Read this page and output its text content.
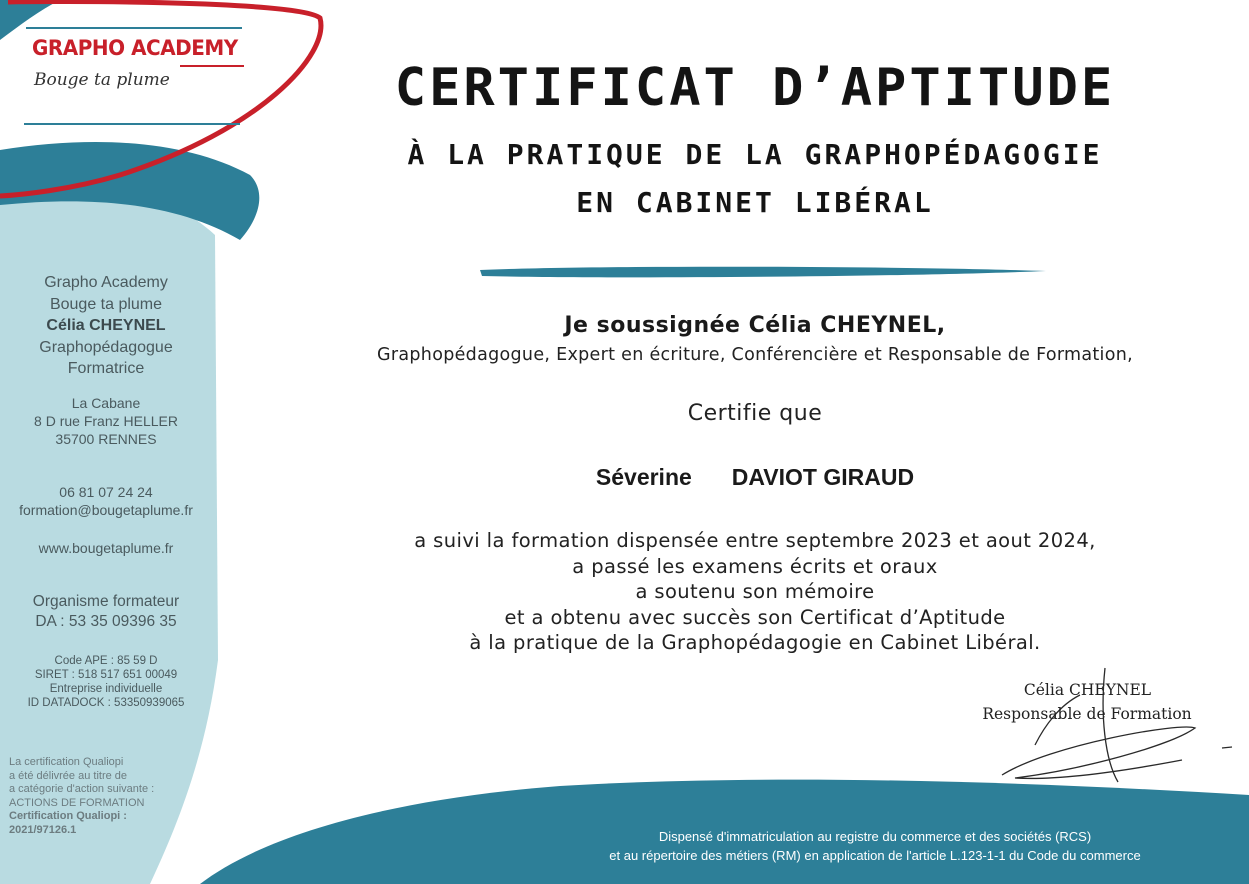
GRAPHO ACADEMY
Bouge ta plume
Grapho Academy
Bouge ta plume
Célia CHEYNEL
Graphopédagogue
Formatrice
La Cabane
8 D rue Franz HELLER
35700 RENNES
06 81 07 24 24
formation@bougetaplume.fr
www.bougetaplume.fr
Organisme formateur
DA : 53 35 09396 35
Code APE : 85 59 D
SIRET : 518 517 651 00049
Entreprise individuelle
ID DATADOCK : 53350939065
La certification Qualiopi
a été délivrée au titre de
a catégorie d'action suivante :
ACTIONS DE FORMATION
Certification Qualiopi :
2021/97126.1
CERTIFICAT D’APTITUDE
À LA PRATIQUE DE LA GRAPHOPÉDAGOGIE
EN CABINET LIBÉRAL
Je soussignée Célia CHEYNEL,
Graphopédagogue, Expert en écriture, Conférencière et Responsable de Formation,
Certifie que
Séverine DAVIOT GIRAUD
a suivi la formation dispensée entre septembre 2023 et aout 2024,
a passé les examens écrits et oraux
a soutenu son mémoire
et a obtenu avec succès son Certificat d’Aptitude
à la pratique de la Graphopédagogie en Cabinet Libéral.
Célia CHEYNEL
Responsable de Formation
Dispensé d'immatriculation au registre du commerce et des sociétés (RCS)
et au répertoire des métiers (RM) en application de l'article L.123-1-1 du Code du commerce
